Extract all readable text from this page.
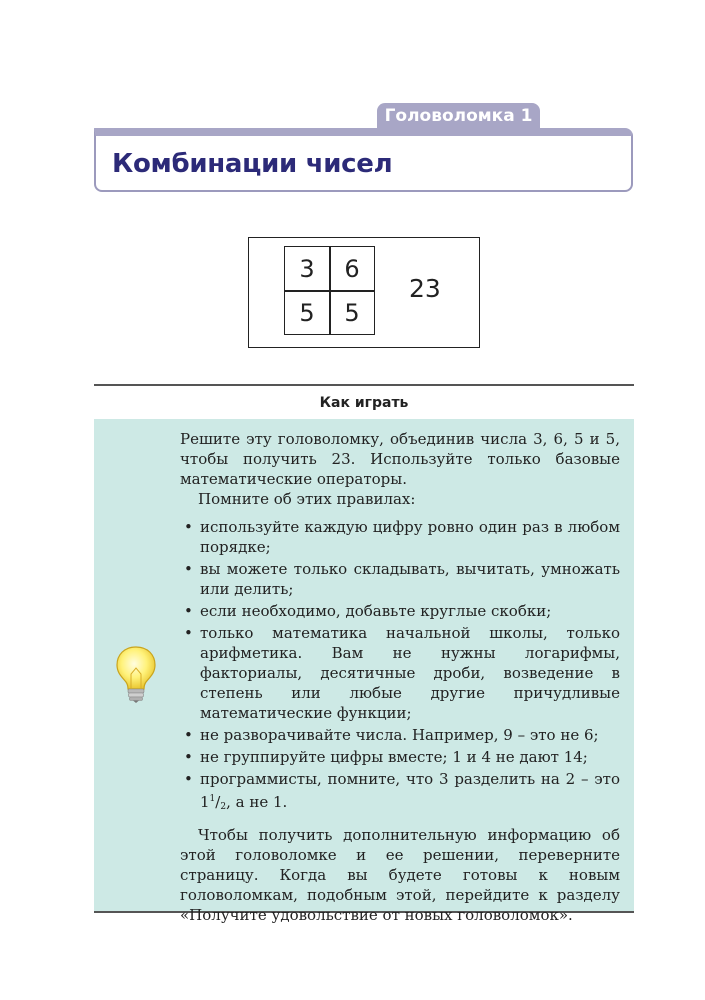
Головоломка 1
Комбинации чисел
3	6
5	5
23
Как играть

Решите эту головоломку, объединив числа 3, 6, 5 и 5, чтобы получить 23. Используйте только базовые математические операторы.

Помните об этих правилах:

• используйте каждую цифру ровно один раз в любом порядке;
• вы можете только складывать, вычитать, умножать или делить;
• если необходимо, добавьте круглые скобки;
• только математика начальной школы, только арифметика. Вам не нужны логарифмы, факториалы, десятичные дроби, возведение в степень или любые другие причудливые математические функции;
• не разворачивайте числа. Например, 9 – это не 6;
• не группируйте цифры вместе; 1 и 4 не дают 14;
• программисты, помните, что 3 разделить на 2 – это $1^1/_2$, а не 1.

Чтобы получить дополнительную информацию об этой головоломке и ее решении, переверните страницу. Когда вы будете готовы к новым головоломкам, подобным этой, перейдите к разделу «Получите удовольствие от новых головоломок».
